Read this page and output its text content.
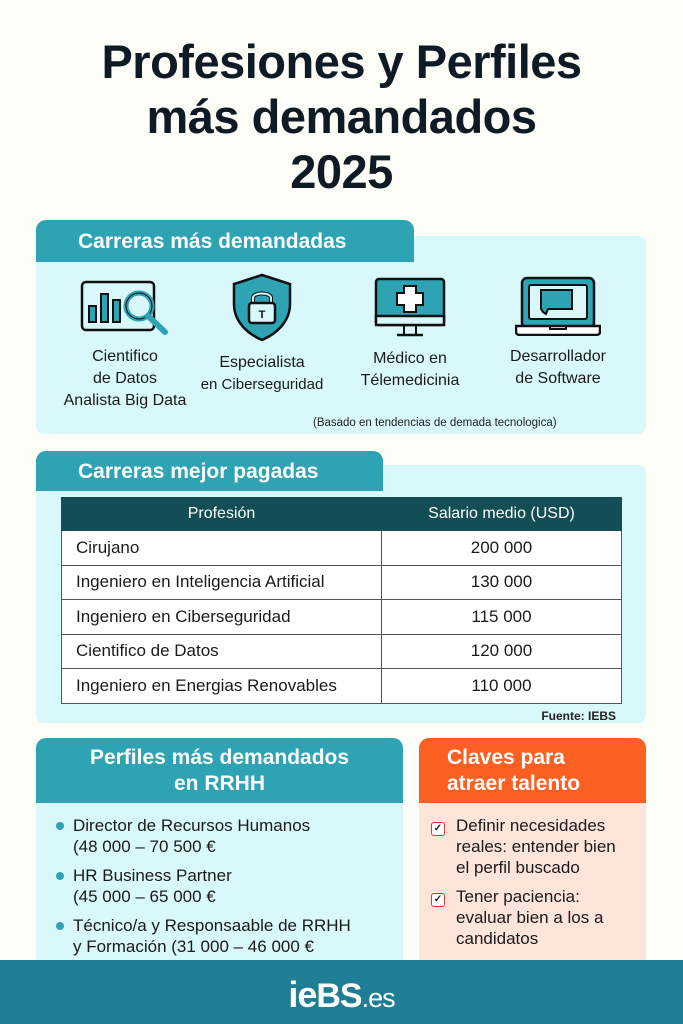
Profesiones y Perfiles
más demandados
2025
Carreras más demandadas
Cientifico
de Datos
Analista Big Data
T
Especialista
en Ciberseguridad
Médico en
Télemedicinia
Desarrollador
de Software
(Basado en tendencias de demada tecnologica)
Carreras mejor pagadas
Profesión	Salario medio (USD)
Cirujano	200 000
Ingeniero en Inteligencia Artificial	130 000
Ingeniero en Ciberseguridad	115 000
Cientifico de Datos	120 000
Ingeniero en Energias Renovables	110 000
Fuente: IEBS
Perfiles más demandados
en RRHH
Director de Recursos Humanos
(48 000 – 70 500 €
HR Business Partner
(45 000 – 65 000 €
Técnico/a y Responsaable de RRHH
y Formación (31 000 – 46 000 €
Claves para
atraer talento
✓ Definir necesidades
reales: entender bien
el perfil buscado
✓ Tener paciencia:
evaluar bien a los a
candidatos
ieBS.es
